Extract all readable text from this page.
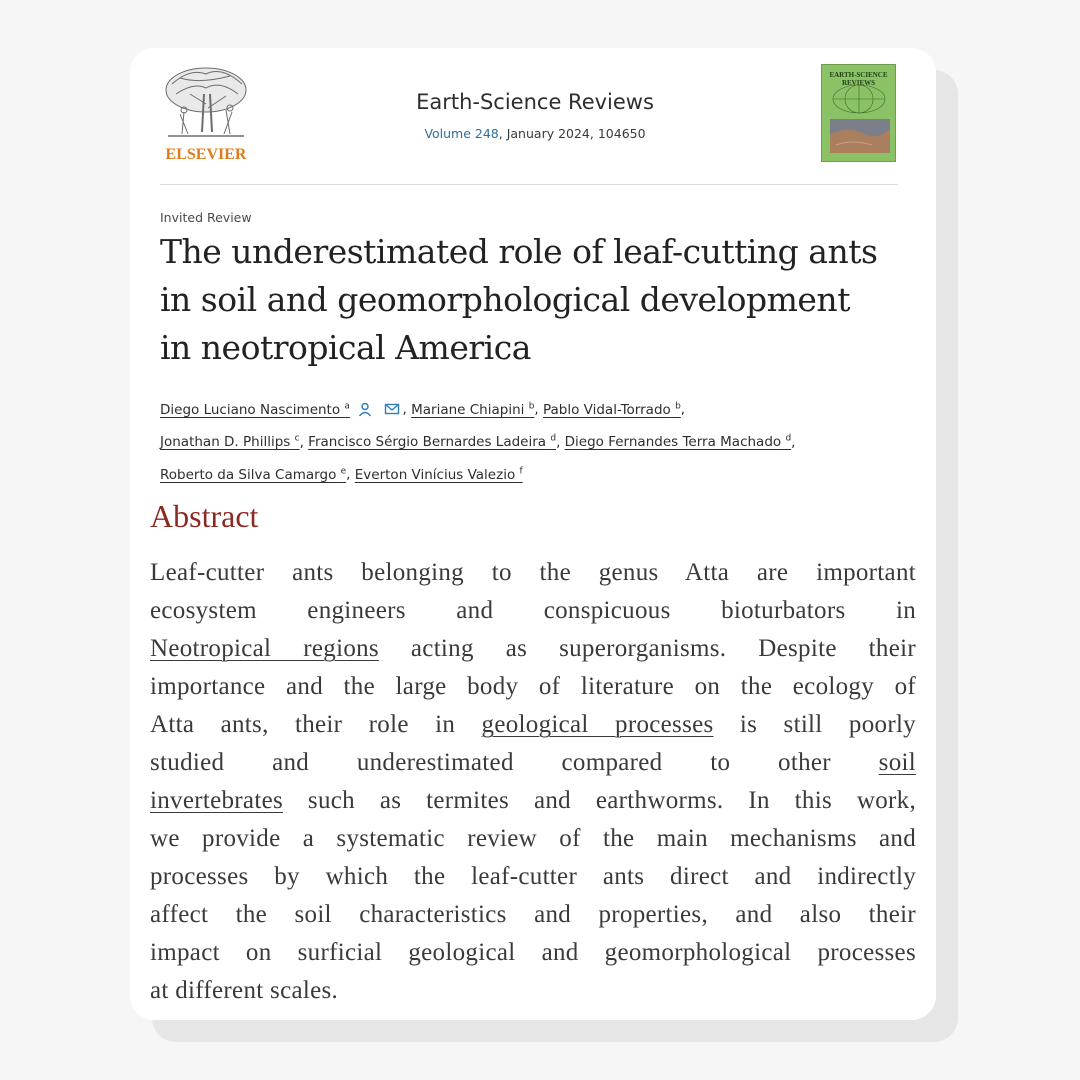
ELSEVIER
Earth-Science Reviews
Volume 248, January 2024, 104650
EARTH-SCIENCE REVIEWS
Invited Review
The underestimated role of leaf-cutting ants
in soil and geomorphological development
in neotropical America
Diego Luciano Nascimento $^a$	, Mariane Chiapini $^b$, Pablo Vidal-Torrado $^b$,
Jonathan D. Phillips $^c$, Francisco Sérgio Bernardes Ladeira $^d$, Diego Fernandes Terra Machado $^d$,
Roberto da Silva Camargo $^e$, Everton Vinícius Valezio $^f$
Abstract
Leaf-cutter ants belonging to the genus Atta are important
ecosystem engineers and conspicuous bioturbators in
Neotropical regions acting as superorganisms. Despite their
importance and the large body of literature on the ecology of
Atta ants, their role in geological processes is still poorly
studied and underestimated compared to other soil
invertebrates such as termites and earthworms. In this work,
we provide a systematic review of the main mechanisms and
processes by which the leaf-cutter ants direct and indirectly
affect the soil characteristics and properties, and also their
impact on surficial geological and geomorphological processes
at different scales.
